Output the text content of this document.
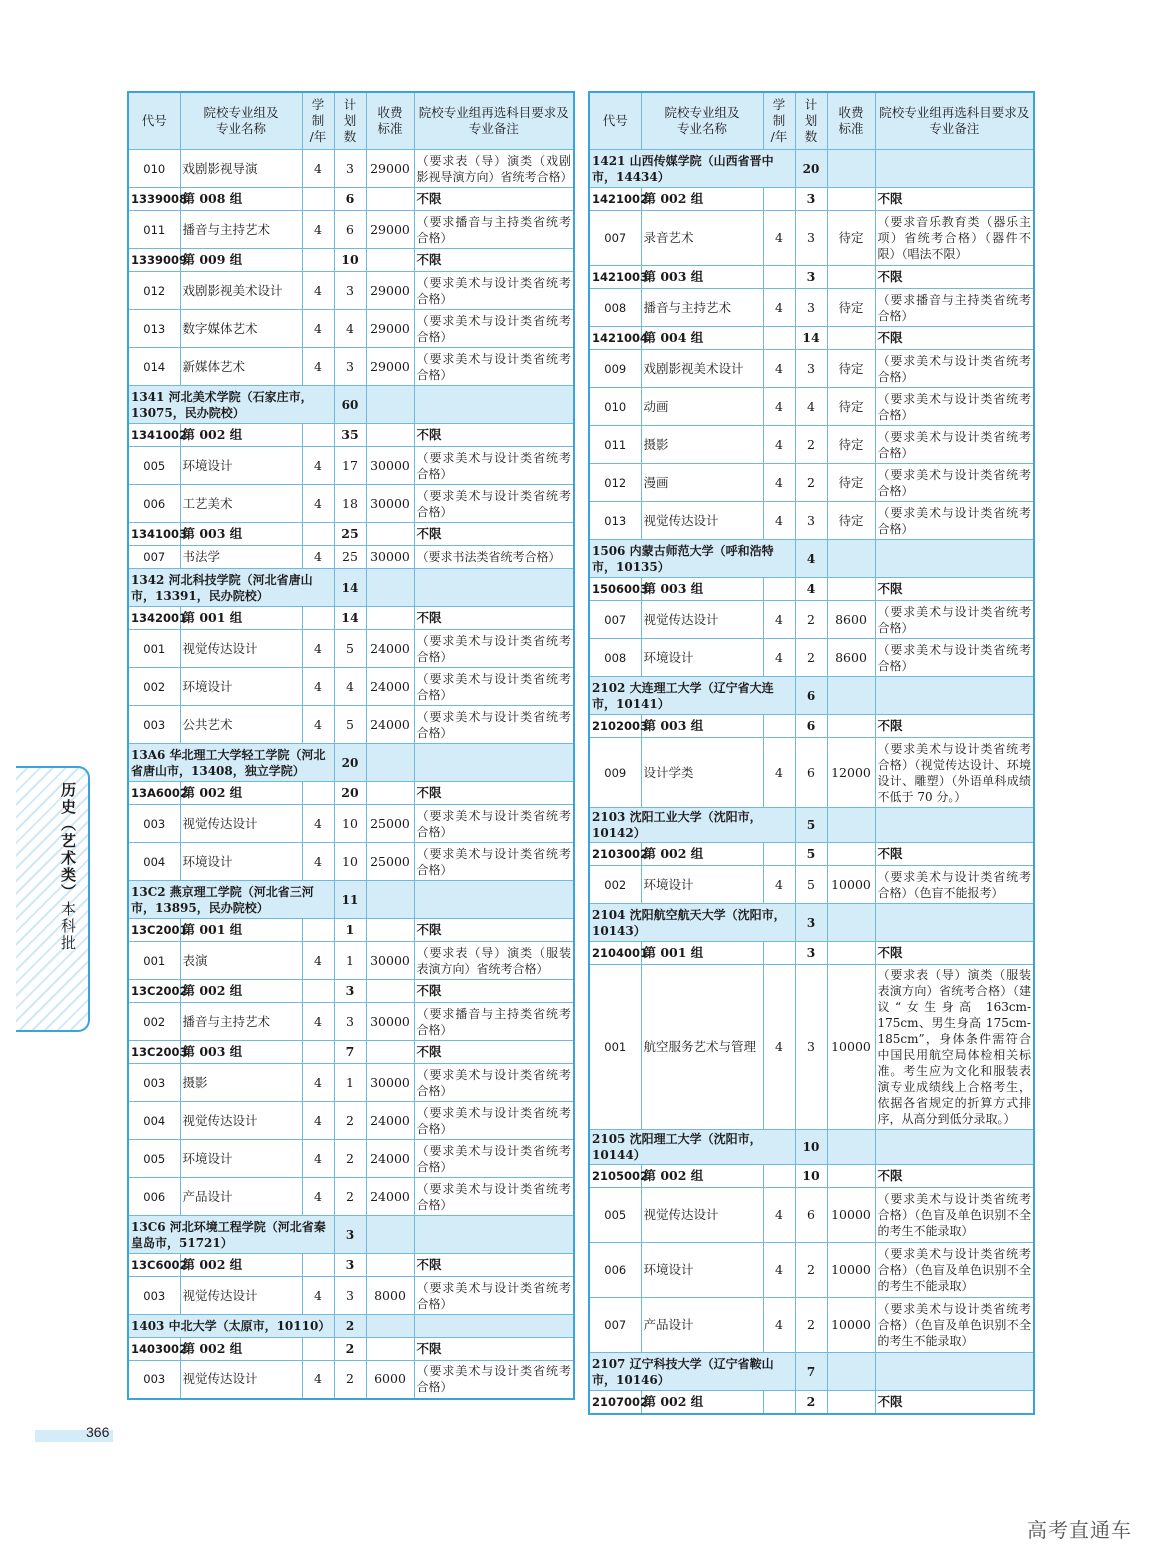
代号	院校专业组及
专业名称	学
制
/年	计
划
数	收费
标准	院校专业组再选科目要求及
专业备注
010	戏剧影视导演	4	3	29000	（要求表（导）演类（戏剧影视导演方向）省统考合格）
1339008	第 008 组		6		不限
011	播音与主持艺术	4	6	29000	（要求播音与主持类省统考合格）
1339009	第 009 组		10		不限
012	戏剧影视美术设计	4	3	29000	（要求美术与设计类省统考合格）
013	数字媒体艺术	4	4	29000	（要求美术与设计类省统考合格）
014	新媒体艺术	4	3	29000	（要求美术与设计类省统考合格）
1341 河北美术学院（石家庄市，13075，民办院校）			60		
1341002	第 002 组		35		不限
005	环境设计	4	17	30000	（要求美术与设计类省统考合格）
006	工艺美术	4	18	30000	（要求美术与设计类省统考合格）
1341003	第 003 组		25		不限
007	书法学	4	25	30000	（要求书法类省统考合格）
1342 河北科技学院（河北省唐山市，13391，民办院校）			14		
1342001	第 001 组		14		不限
001	视觉传达设计	4	5	24000	（要求美术与设计类省统考合格）
002	环境设计	4	4	24000	（要求美术与设计类省统考合格）
003	公共艺术	4	5	24000	（要求美术与设计类省统考合格）
13A6 华北理工大学轻工学院（河北省唐山市，13408，独立学院）			20		
13A6002	第 002 组		20		不限
003	视觉传达设计	4	10	25000	（要求美术与设计类省统考合格）
004	环境设计	4	10	25000	（要求美术与设计类省统考合格）
13C2 燕京理工学院（河北省三河市，13895，民办院校）			11		
13C2001	第 001 组		1		不限
001	表演	4	1	30000	（要求表（导）演类（服装表演方向）省统考合格）
13C2002	第 002 组		3		不限
002	播音与主持艺术	4	3	30000	（要求播音与主持类省统考合格）
13C2003	第 003 组		7		不限
003	摄影	4	1	30000	（要求美术与设计类省统考合格）
004	视觉传达设计	4	2	24000	（要求美术与设计类省统考合格）
005	环境设计	4	2	24000	（要求美术与设计类省统考合格）
006	产品设计	4	2	24000	（要求美术与设计类省统考合格）
13C6 河北环境工程学院（河北省秦皇岛市，51721）			3		
13C6002	第 002 组		3		不限
003	视觉传达设计	4	3	8000	（要求美术与设计类省统考合格）
1403 中北大学（太原市，10110）			2		
1403002	第 002 组		2		不限
003	视觉传达设计	4	2	6000	（要求美术与设计类省统考合格）
代号	院校专业组及
专业名称	学
制
/年	计
划
数	收费
标准	院校专业组再选科目要求及
专业备注
1421 山西传媒学院（山西省晋中市，14434）			20		
1421002	第 002 组		3		不限
007	录音艺术	4	3	待定	（要求音乐教育类（器乐主项）省统考合格）（器件不限）（唱法不限）
1421003	第 003 组		3		不限
008	播音与主持艺术	4	3	待定	（要求播音与主持类省统考合格）
1421004	第 004 组		14		不限
009	戏剧影视美术设计	4	3	待定	（要求美术与设计类省统考合格）
010	动画	4	4	待定	（要求美术与设计类省统考合格）
011	摄影	4	2	待定	（要求美术与设计类省统考合格）
012	漫画	4	2	待定	（要求美术与设计类省统考合格）
013	视觉传达设计	4	3	待定	（要求美术与设计类省统考合格）
1506 内蒙古师范大学（呼和浩特市，10135）			4		
1506003	第 003 组		4		不限
007	视觉传达设计	4	2	8600	（要求美术与设计类省统考合格）
008	环境设计	4	2	8600	（要求美术与设计类省统考合格）
2102 大连理工大学（辽宁省大连市，10141）			6		
2102003	第 003 组		6		不限
009	设计学类	4	6	12000	（要求美术与设计类省统考合格）（视觉传达设计、环境设计、雕塑）（外语单科成绩不低于 70 分。）
2103 沈阳工业大学（沈阳市，10142）			5		
2103002	第 002 组		5		不限
002	环境设计	4	5	10000	（要求美术与设计类省统考合格）（色盲不能报考）
2104 沈阳航空航天大学（沈阳市，10143）			3		
2104001	第 001 组		3		不限
001	航空服务艺术与管理	4	3	10000	（要求表（导）演类（服装表演方向）省统考合格）（建议“女生身高 163cm-175cm、男生身高 175cm-185cm”，身体条件需符合中国民用航空局体检相关标准。考生应为文化和服装表演专业成绩线上合格考生，依据各省规定的折算方式排序，从高分到低分录取。）
2105 沈阳理工大学（沈阳市，10144）			10		
2105002	第 002 组		10		不限
005	视觉传达设计	4	6	10000	（要求美术与设计类省统考合格）（色盲及单色识别不全的考生不能录取）
006	环境设计	4	2	10000	（要求美术与设计类省统考合格）（色盲及单色识别不全的考生不能录取）
007	产品设计	4	2	10000	（要求美术与设计类省统考合格）（色盲及单色识别不全的考生不能录取）
2107 辽宁科技大学（辽宁省鞍山市，10146）			7		
2107002	第 002 组		2		不限
历史（艺术类）本科批
366
高考直通车
